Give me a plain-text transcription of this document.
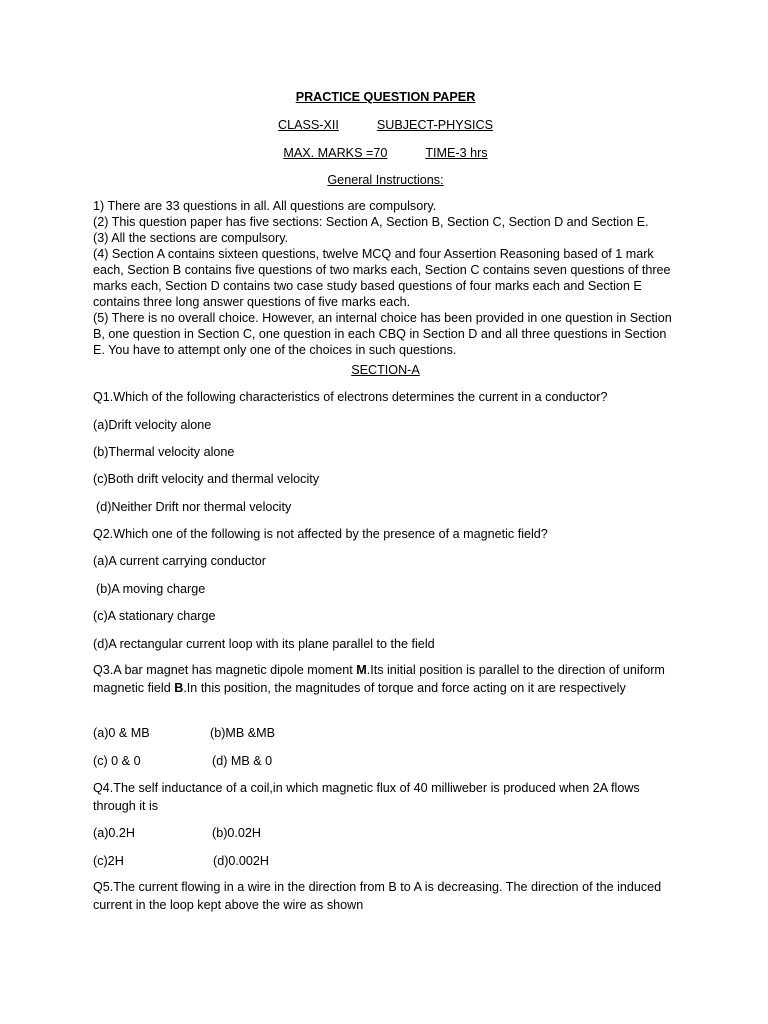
PRACTICE QUESTION PAPER
CLASS-XII	SUBJECT-PHYSICS
MAX. MARKS =70	TIME-3 hrs
General Instructions:

1) There are 33 questions in all. All questions are compulsory.

(2) This question paper has five sections: Section A, Section B, Section C, Section D and Section E.

(3) All the sections are compulsory.

(4) Section A contains sixteen questions, twelve MCQ and four Assertion Reasoning based of 1 mark each, Section B contains five questions of two marks each, Section C contains seven questions of three marks each, Section D contains two case study based questions of four marks each and Section E contains three long answer questions of five marks each.

(5) There is no overall choice. However, an internal choice has been provided in one question in Section B, one question in Section C, one question in each CBQ in Section D and all three questions in Section E. You have to attempt only one of the choices in such questions.

SECTION-A
Q1.Which of the following characteristics of electrons determines the current in a conductor?
(a)Drift velocity alone
(b)Thermal velocity alone
(c)Both drift velocity and thermal velocity
(d)Neither Drift nor thermal velocity
Q2.Which one of the following is not affected by the presence of a magnetic field?
(a)A current carrying conductor
(b)A moving charge
(c)A stationary charge
(d)A rectangular current loop with its plane parallel to the field
Q3.A bar magnet has magnetic dipole moment M.Its initial position is parallel to the direction of uniform magnetic field B.In this position, the magnitudes of torque and force acting on it are respectively
(a)0 & MB	(b)MB &MB
(c) 0 & 0	(d) MB & 0
Q4.The self inductance of a coil,in which magnetic flux of 40 milliweber is produced when 2A flows through it is
(a)0.2H	(b)0.02H
(c)2H	(d)0.002H
Q5.The current flowing in a wire in the direction from B to A is decreasing. The direction of the induced current in the loop kept above the wire as shown
